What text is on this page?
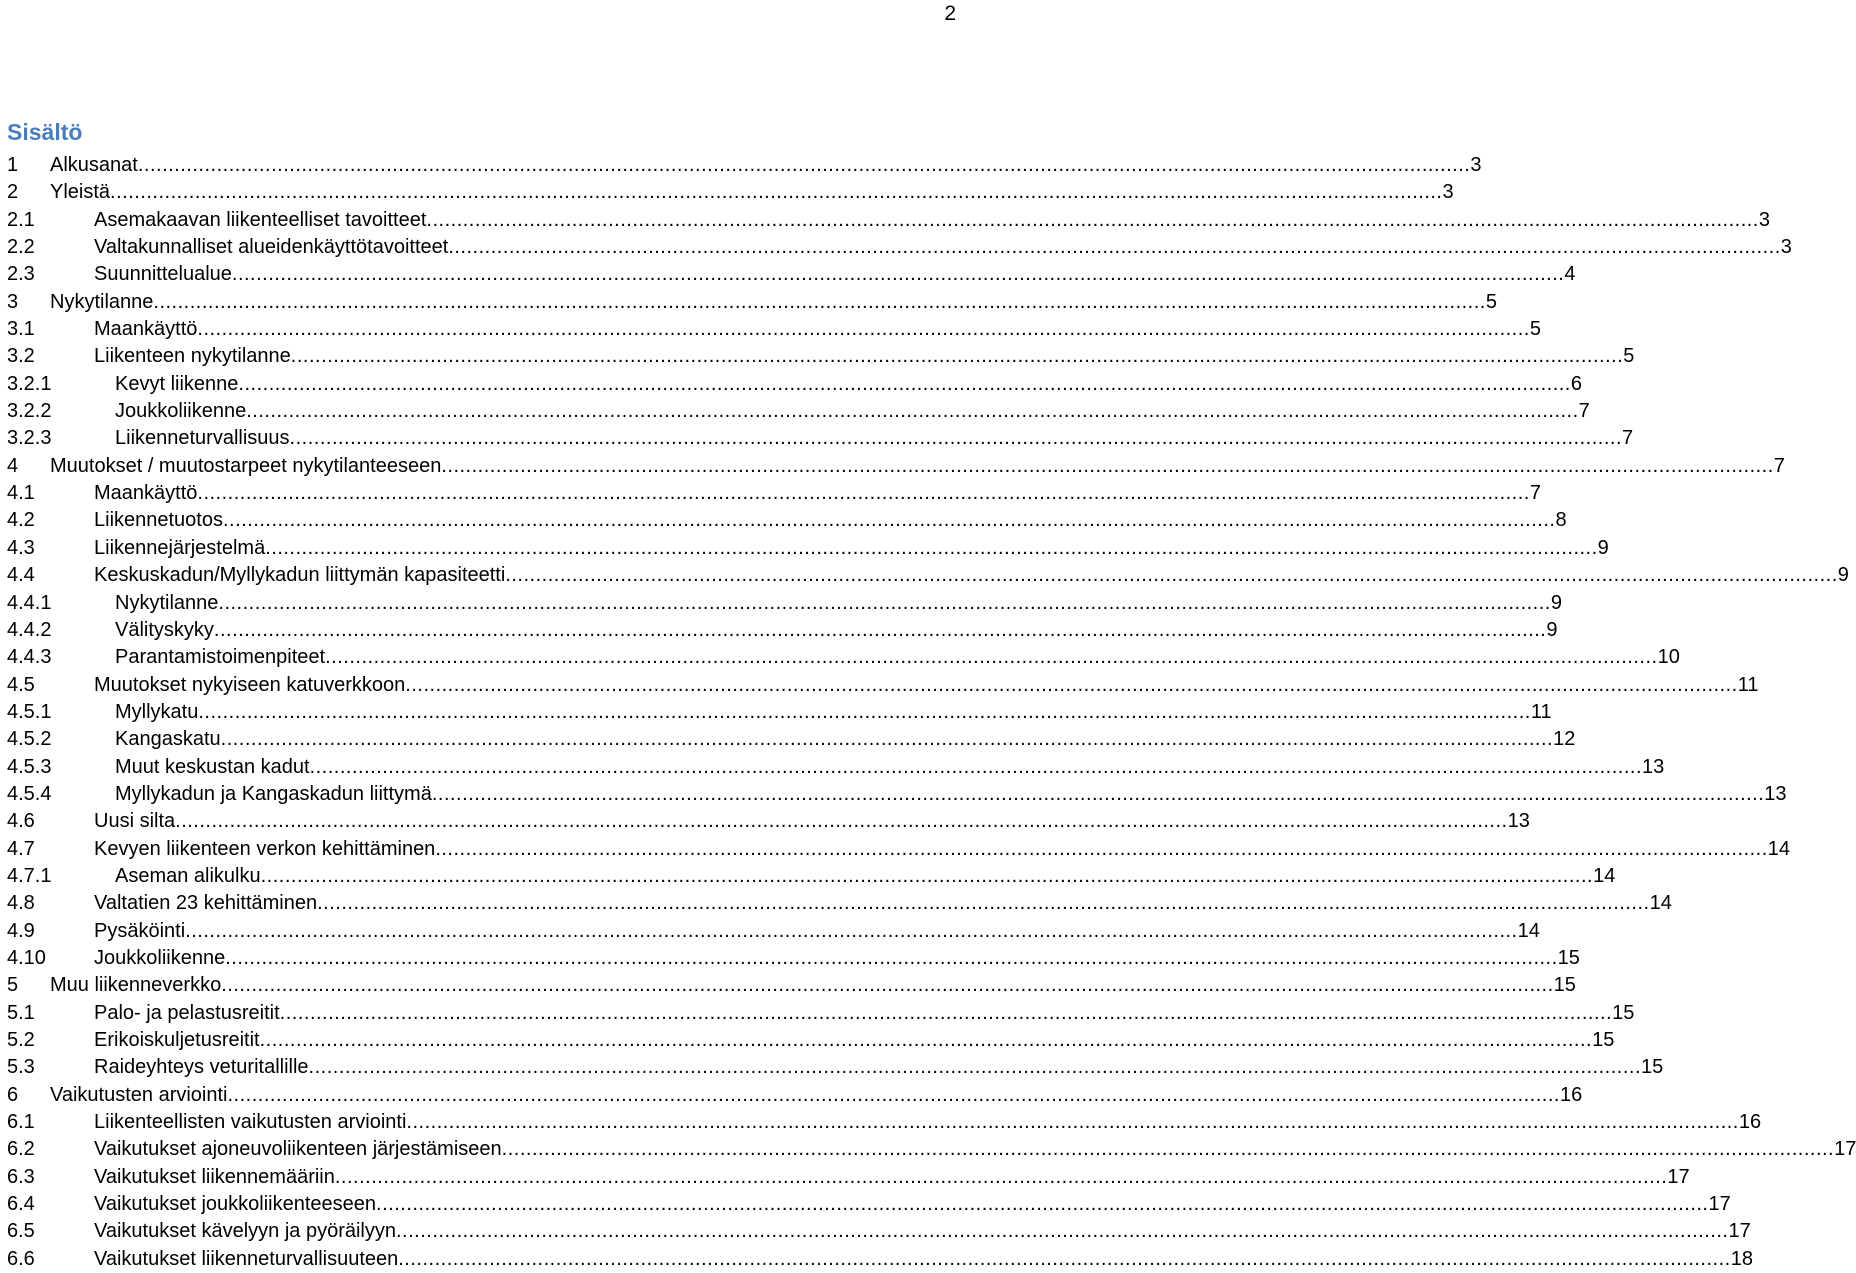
2
Sisältö
1 Alkusanat ............................................................................................................................................................................................................................ 3
2 Yleistä ............................................................................................................................................................................................................................ 3
2.1	Asemakaavan liikenteelliset tavoitteet ............................................................................................................................................................................................................................ 3
2.2	Valtakunnalliset alueidenkäyttötavoitteet ............................................................................................................................................................................................................................ 3
2.3	Suunnittelualue ............................................................................................................................................................................................................................ 4
3 Nykytilanne ............................................................................................................................................................................................................................ 5
3.1	Maankäyttö ............................................................................................................................................................................................................................ 5
3.2	Liikenteen nykytilanne ............................................................................................................................................................................................................................ 5
3.2.1	Kevyt liikenne ............................................................................................................................................................................................................................ 6
3.2.2	Joukkoliikenne ............................................................................................................................................................................................................................ 7
3.2.3	Liikenneturvallisuus ............................................................................................................................................................................................................................ 7
4 Muutokset / muutostarpeet nykytilanteeseen ............................................................................................................................................................................................................................ 7
4.1	Maankäyttö ............................................................................................................................................................................................................................ 7
4.2	Liikennetuotos ............................................................................................................................................................................................................................ 8
4.3	Liikennejärjestelmä ............................................................................................................................................................................................................................ 9
4.4	Keskuskadun/Myllykadun liittymän kapasiteetti ............................................................................................................................................................................................................................ 9
4.4.1	Nykytilanne ............................................................................................................................................................................................................................ 9
4.4.2	Välityskyky ............................................................................................................................................................................................................................ 9
4.4.3	Parantamistoimenpiteet ............................................................................................................................................................................................................................ 10
4.5	Muutokset nykyiseen katuverkkoon ............................................................................................................................................................................................................................ 11
4.5.1	Myllykatu ............................................................................................................................................................................................................................ 11
4.5.2	Kangaskatu ............................................................................................................................................................................................................................ 12
4.5.3	Muut keskustan kadut ............................................................................................................................................................................................................................ 13
4.5.4	Myllykadun ja Kangaskadun liittymä ............................................................................................................................................................................................................................ 13
4.6	Uusi silta ............................................................................................................................................................................................................................ 13
4.7	Kevyen liikenteen verkon kehittäminen ............................................................................................................................................................................................................................ 14
4.7.1	Aseman alikulku ............................................................................................................................................................................................................................ 14
4.8	Valtatien 23 kehittäminen ............................................................................................................................................................................................................................ 14
4.9	Pysäköinti ............................................................................................................................................................................................................................ 14
4.10 Joukkoliikenne ............................................................................................................................................................................................................................ 15
5 Muu liikenneverkko ............................................................................................................................................................................................................................ 15
5.1	Palo- ja pelastusreitit ............................................................................................................................................................................................................................ 15
5.2	Erikoiskuljetusreitit ............................................................................................................................................................................................................................ 15
5.3	Raideyhteys veturitallille ............................................................................................................................................................................................................................ 15
6 Vaikutusten arviointi ............................................................................................................................................................................................................................ 16
6.1	Liikenteellisten vaikutusten arviointi ............................................................................................................................................................................................................................ 16
6.2	Vaikutukset ajoneuvoliikenteen järjestämiseen ............................................................................................................................................................................................................................ 17
6.3	Vaikutukset liikennemääriin ............................................................................................................................................................................................................................ 17
6.4	Vaikutukset joukkoliikenteeseen ............................................................................................................................................................................................................................ 17
6.5	Vaikutukset kävelyyn ja pyöräilyyn ............................................................................................................................................................................................................................ 17
6.6	Vaikutukset liikenneturvallisuuteen ............................................................................................................................................................................................................................ 18
